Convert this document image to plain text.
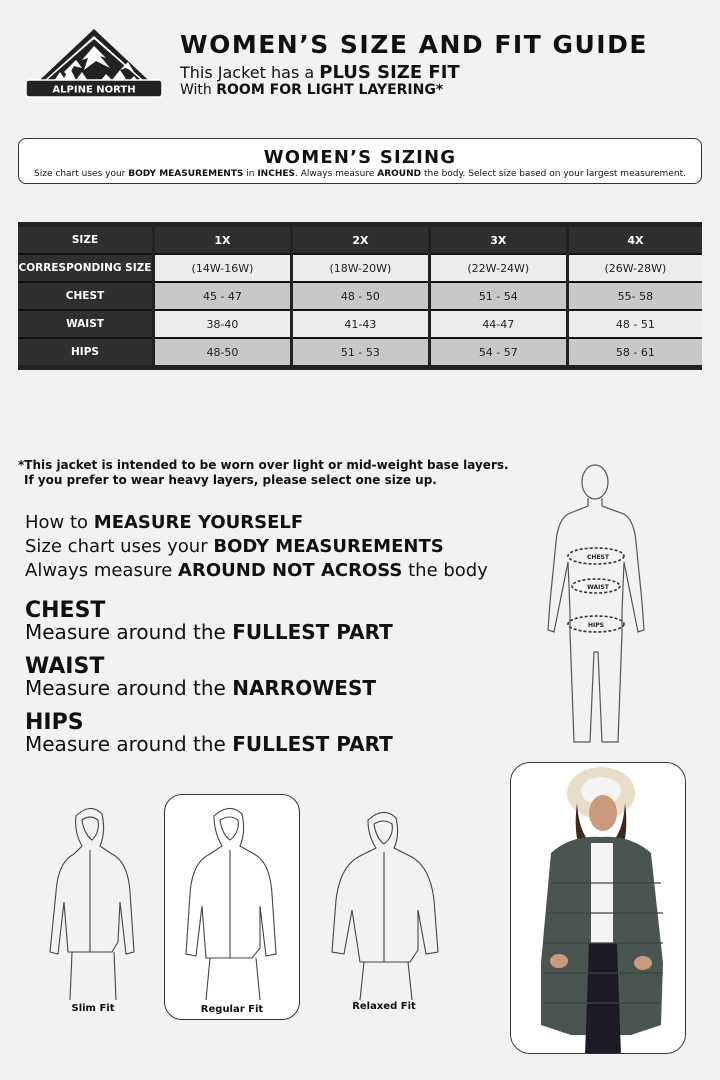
ALPINE NORTH
WOMEN’S SIZE AND FIT GUIDE
This Jacket has a PLUS SIZE FIT
With ROOM FOR LIGHT LAYERING*
WOMEN’S SIZING
Size chart uses your BODY MEASUREMENTS in INCHES. Always measure AROUND the body. Select size based on your largest measurement.
SIZE	1X	2X	3X	4X
CORRESPONDING SIZE	(14W-16W)	(18W-20W)	(22W-24W)	(26W-28W)
CHEST	45 - 47	48 - 50	51 - 54	55- 58
WAIST	38-40	41-43	44-47	48 - 51
HIPS	48-50	51 - 53	54 - 57	58 - 61
*This jacket is intended to be worn over light or mid-weight base layers.
If you prefer to wear heavy layers, please select one size up.
How to MEASURE YOURSELF
Size chart uses your BODY MEASUREMENTS
Always measure AROUND NOT ACROSS the body
CHEST
Measure around the FULLEST PART
WAIST
Measure around the NARROWEST
HIPS
Measure around the FULLEST PART
CHEST
WAIST
HIPS
Slim Fit	Regular Fit	Relaxed Fit
